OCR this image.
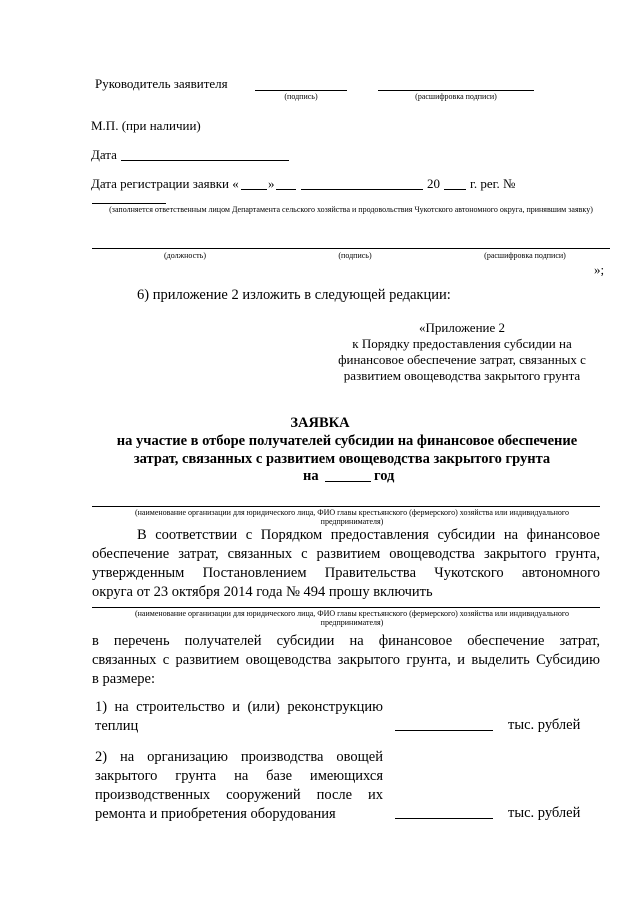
Руководитель заявителя
(подпись)	(расшифровка подписи)
М.П. (при наличии)
Дата
Дата регистрации заявки « »	20 г. рег. №
(заполняется ответственным лицом Департамента сельского хозяйства и продовольствия Чукотского автономного округа, принявшим заявку)
(должность)	(подпись)	(расшифровка подписи)
»;
6) приложение 2 изложить в следующей редакции:
«Приложение 2
к Порядку предоставления субсидии на
финансовое обеспечение затрат, связанных с
развитием овощеводства закрытого грунта
ЗАЯВКА
на участие в отборе получателей субсидии на финансовое обеспечение
затрат, связанных с развитием овощеводства закрытого грунта
на	год
(наименование организации для юридического лица, ФИО главы крестьянского (фермерского) хозяйства или индивидуального предпринимателя)
В соответствии с Порядком предоставления субсидии на финансовое
обеспечение затрат, связанных с развитием овощеводства закрытого грунта,
утвержденным Постановлением Правительства Чукотского автономного
округа от 23 октября 2014 года № 494 прошу включить
(наименование организации для юридического лица, ФИО главы крестьянского (фермерского) хозяйства или индивидуального предпринимателя)
в перечень получателей субсидии на финансовое обеспечение затрат,
связанных с развитием овощеводства закрытого грунта, и выделить Субсидию
в размере:
1) на строительство и (или) реконструкцию
теплиц	тыс. рублей
2) на организацию производства овощей
закрытого грунта на базе имеющихся
производственных сооружений после их
ремонта и приобретения оборудования	тыс. рублей
